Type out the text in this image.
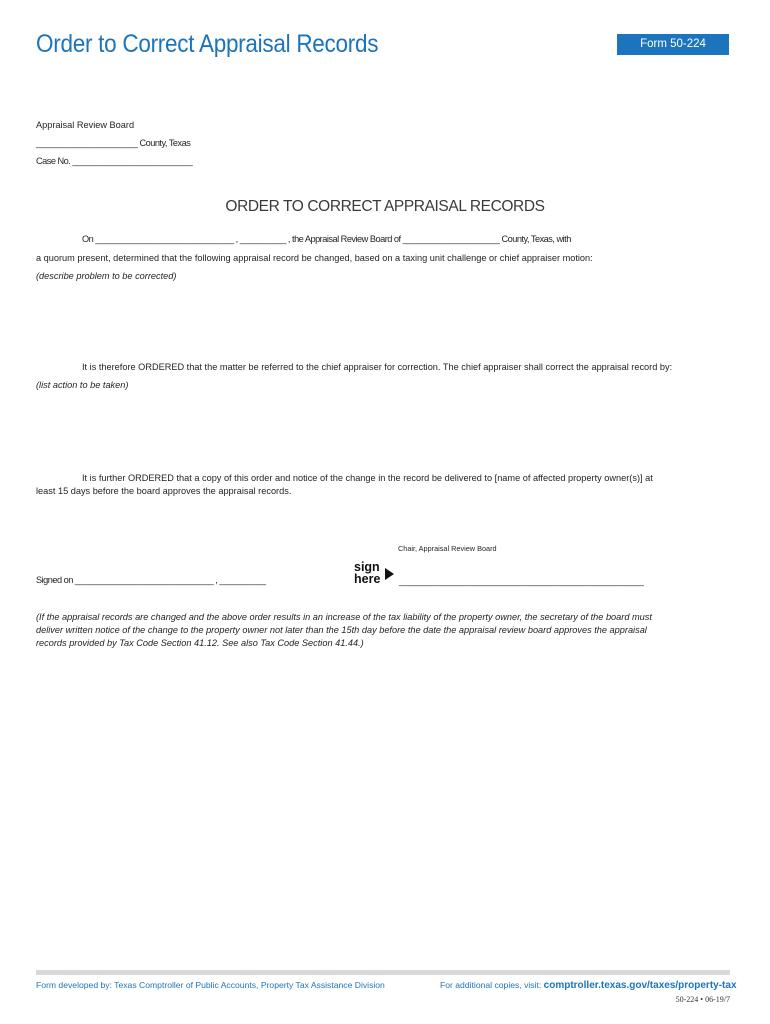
Order to Correct Appraisal Records	Form 50-224
Appraisal Review Board
______________________ County, Texas
Case No. __________________________
ORDER TO CORRECT APPRAISAL RECORDS
On ______________________________ , __________ , the Appraisal Review Board of _____________________ County, Texas, with
a quorum present, determined that the following appraisal record be changed, based on a taxing unit challenge or chief appraiser motion:
(describe problem to be corrected)
It is therefore ORDERED that the matter be referred to the chief appraiser for correction. The chief appraiser shall correct the appraisal record by:
(list action to be taken)
It is further ORDERED that a copy of this order and notice of the change in the record be delivered to [name of affected property owner(s)] at
least 15 days before the board approves the appraisal records.
Chair, Appraisal Review Board
Signed on ______________________________ , __________
sign
here _____________________________________________________
(If the appraisal records are changed and the above order results in an increase of the tax liability of the property owner, the secretary of the board must
deliver written notice of the change to the property owner not later than the 15th day before the date the appraisal review board approves the appraisal
records provided by Tax Code Section 41.12. See also Tax Code Section 41.44.)
Form developed by: Texas Comptroller of Public Accounts, Property Tax Assistance Division	For additional copies, visit: comptroller.texas.gov/taxes/property-tax
50-224 • 06-19/7
